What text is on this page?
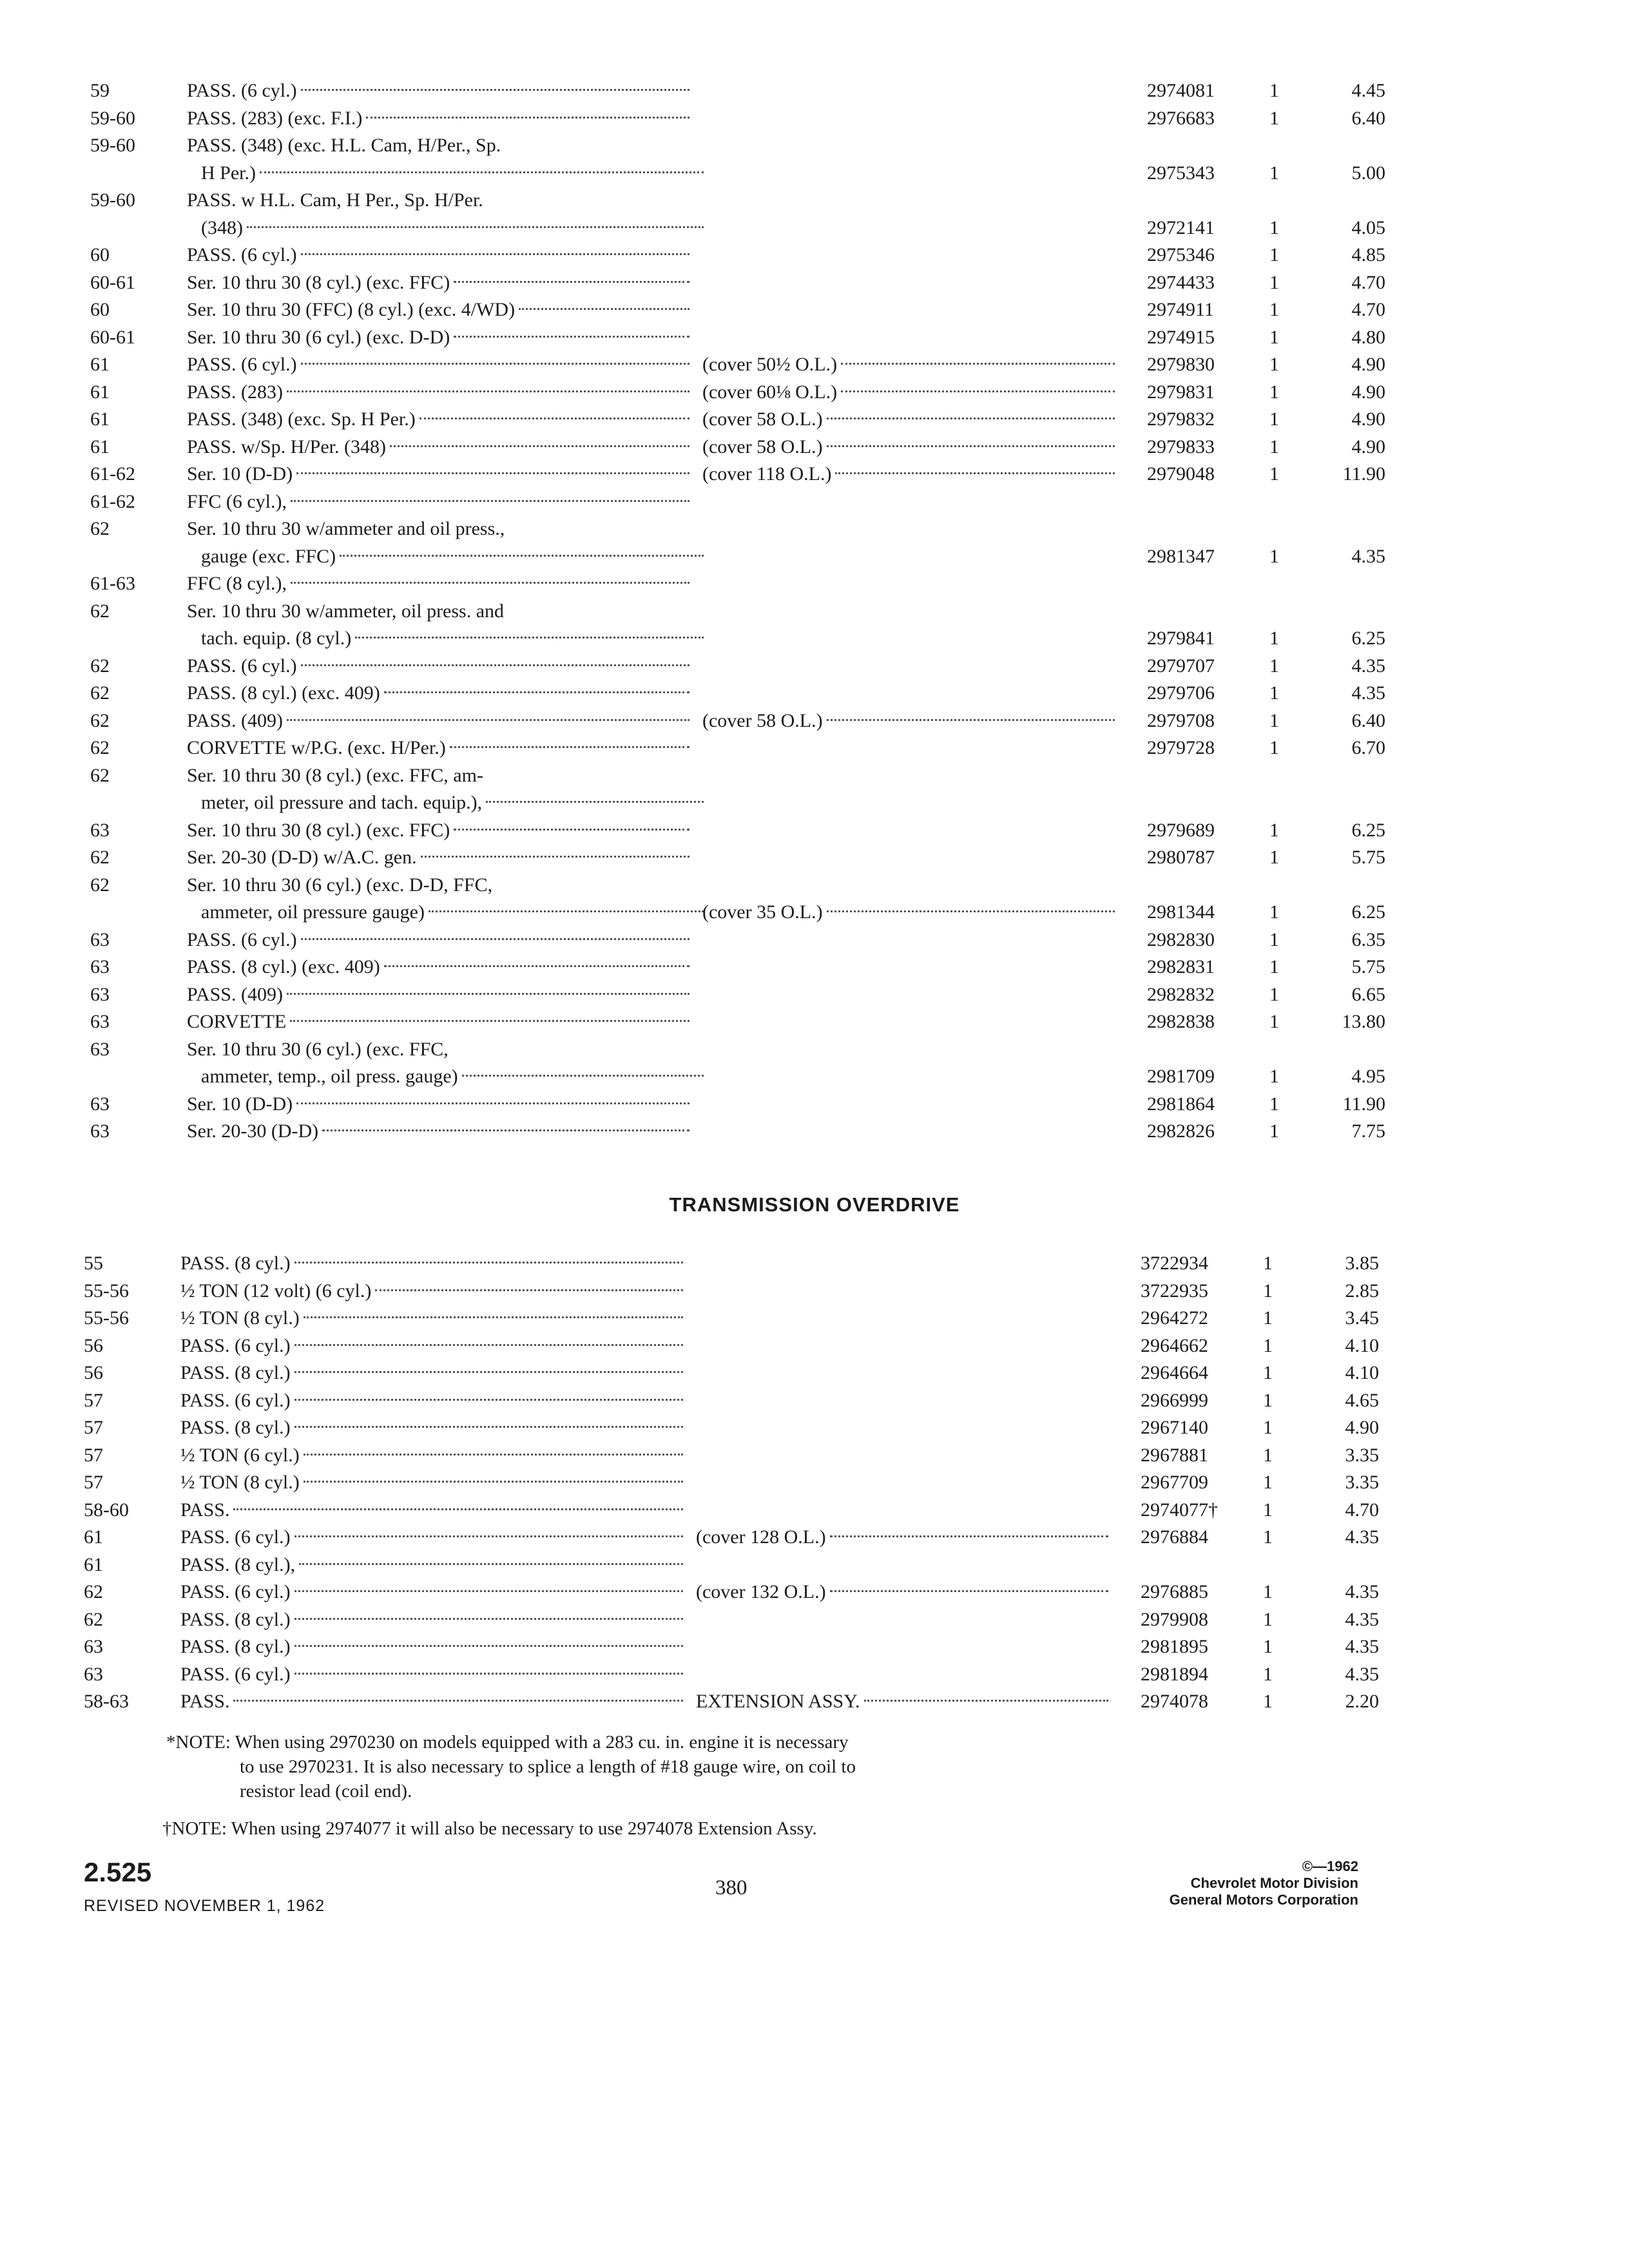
59	PASS. (6 cyl.)	2974081	1	4.45
59-60	PASS. (283) (exc. F.I.)	2976683	1	6.40
59-60	PASS. (348) (exc. H.L. Cam, H/Per., Sp.
H Per.)	2975343	1	5.00
59-60	PASS. w H.L. Cam, H Per., Sp. H/Per.
(348)	2972141	1	4.05
60	PASS. (6 cyl.)	2975346	1	4.85
60-61	Ser. 10 thru 30 (8 cyl.) (exc. FFC)	2974433	1	4.70
60	Ser. 10 thru 30 (FFC) (8 cyl.) (exc. 4/WD)	2974911	1	4.70
60-61	Ser. 10 thru 30 (6 cyl.) (exc. D-D)	2974915	1	4.80
61	PASS. (6 cyl.)	(cover 50½ O.L.)	2979830	1	4.90
61	PASS. (283)	(cover 60⅛ O.L.)	2979831	1	4.90
61	PASS. (348) (exc. Sp. H Per.)	(cover 58 O.L.)	2979832	1	4.90
61	PASS. w/Sp. H/Per. (348)	(cover 58 O.L.)	2979833	1	4.90
61-62	Ser. 10 (D-D)	(cover 118 O.L.)	2979048	1	11.90
61-62	FFC (6 cyl.),
62	Ser. 10 thru 30 w/ammeter and oil press.,
gauge (exc. FFC)	2981347	1	4.35
61-63	FFC (8 cyl.),
62	Ser. 10 thru 30 w/ammeter, oil press. and
tach. equip. (8 cyl.)	2979841	1	6.25
62	PASS. (6 cyl.)	2979707	1	4.35
62	PASS. (8 cyl.) (exc. 409)	2979706	1	4.35
62	PASS. (409)	(cover 58 O.L.)	2979708	1	6.40
62	CORVETTE w/P.G. (exc. H/Per.)	2979728	1	6.70
62	Ser. 10 thru 30 (8 cyl.) (exc. FFC, am-
meter, oil pressure and tach. equip.),
63	Ser. 10 thru 30 (8 cyl.) (exc. FFC)	2979689	1	6.25
62	Ser. 20-30 (D-D) w/A.C. gen.	2980787	1	5.75
62	Ser. 10 thru 30 (6 cyl.) (exc. D-D, FFC,
ammeter, oil pressure gauge)	(cover 35 O.L.)	2981344	1	6.25
63	PASS. (6 cyl.)	2982830	1	6.35
63	PASS. (8 cyl.) (exc. 409)	2982831	1	5.75
63	PASS. (409)	2982832	1	6.65
63	CORVETTE	2982838	1	13.80
63	Ser. 10 thru 30 (6 cyl.) (exc. FFC,
ammeter, temp., oil press. gauge)	2981709	1	4.95
63	Ser. 10 (D-D)	2981864	1	11.90
63	Ser. 20-30 (D-D)	2982826	1	7.75
TRANSMISSION OVERDRIVE
55	PASS. (8 cyl.)	3722934	1	3.85
55-56	½ TON (12 volt) (6 cyl.)	3722935	1	2.85
55-56	½ TON (8 cyl.)	2964272	1	3.45
56	PASS. (6 cyl.)	2964662	1	4.10
56	PASS. (8 cyl.)	2964664	1	4.10
57	PASS. (6 cyl.)	2966999	1	4.65
57	PASS. (8 cyl.)	2967140	1	4.90
57	½ TON (6 cyl.)	2967881	1	3.35
57	½ TON (8 cyl.)	2967709	1	3.35
58-60	PASS.	2974077†	1	4.70
61	PASS. (6 cyl.)	(cover 128 O.L.)	2976884	1	4.35
61	PASS. (8 cyl.),
62	PASS. (6 cyl.)	(cover 132 O.L.)	2976885	1	4.35
62	PASS. (8 cyl.)	2979908	1	4.35
63	PASS. (8 cyl.)	2981895	1	4.35
63	PASS. (6 cyl.)	2981894	1	4.35
58-63	PASS.	EXTENSION ASSY.	2974078	1	2.20
*NOTE: When using 2970230 on models equipped with a 283 cu. in. engine it is necessary
to use 2970231. It is also necessary to splice a length of #18 gauge wire, on coil to
resistor lead (coil end).
†NOTE: When using 2974077 it will also be necessary to use 2974078 Extension Assy.
2.525
REVISED NOVEMBER 1, 1962
380
©—1962
Chevrolet Motor Division
General Motors Corporation
